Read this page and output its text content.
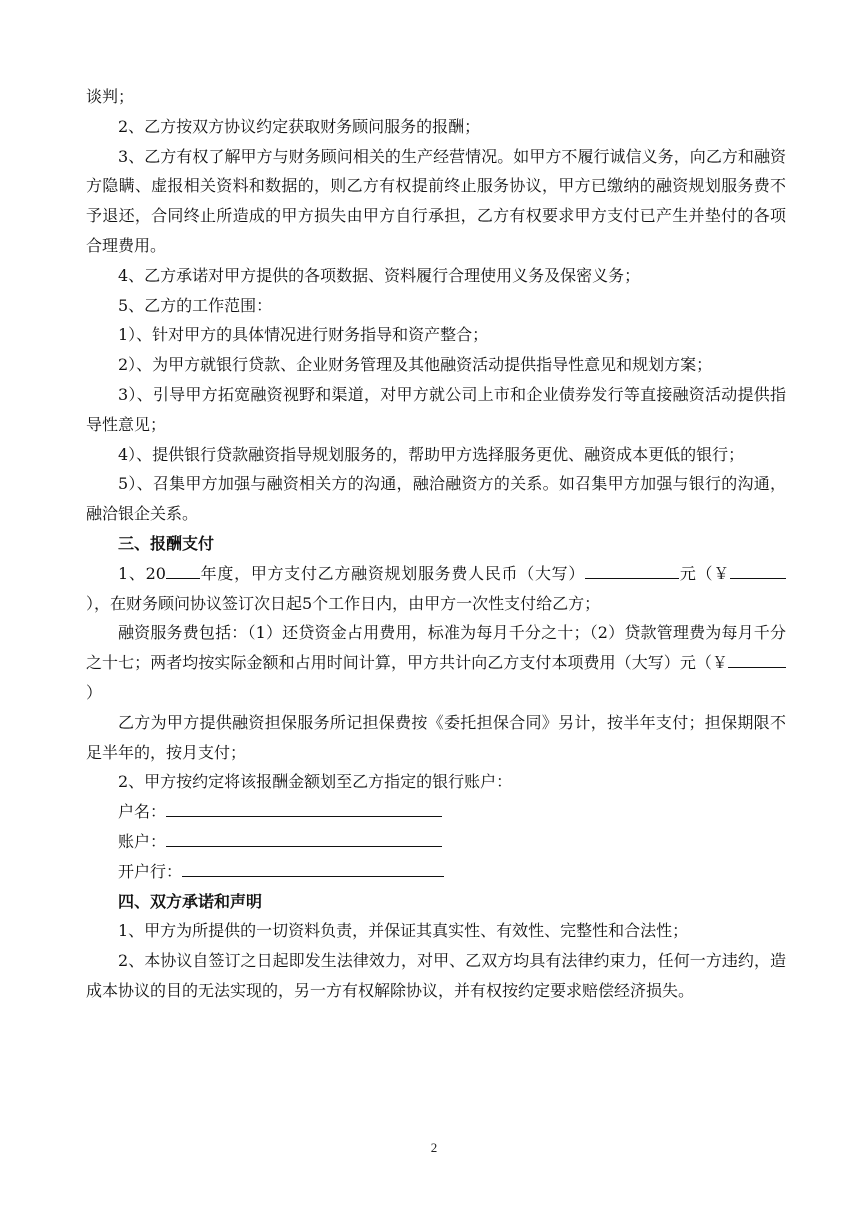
谈判；

2、乙方按双方协议约定获取财务顾问服务的报酬；

3、乙方有权了解甲方与财务顾问相关的生产经营情况。如甲方不履行诚信义务，向乙方和融资方隐瞒、虚报相关资料和数据的，则乙方有权提前终止服务协议，甲方已缴纳的融资规划服务费不予退还，合同终止所造成的甲方损失由甲方自行承担，乙方有权要求甲方支付已产生并垫付的各项合理费用。

4、乙方承诺对甲方提供的各项数据、资料履行合理使用义务及保密义务；

5、乙方的工作范围：

1）、针对甲方的具体情况进行财务指导和资产整合；

2）、为甲方就银行贷款、企业财务管理及其他融资活动提供指导性意见和规划方案；

3）、引导甲方拓宽融资视野和渠道，对甲方就公司上市和企业债券发行等直接融资活动提供指导性意见；

4）、提供银行贷款融资指导规划服务的，帮助甲方选择服务更优、融资成本更低的银行；

5）、召集甲方加强与融资相关方的沟通，融洽融资方的关系。如召集甲方加强与银行的沟通，融洽银企关系。

三、报酬支付

1、20 年度，甲方支付乙方融资规划服务费人民币（大写）	元（￥），在财务顾问协议签订次日起5个工作日内，由甲方一次性支付给乙方；

融资服务费包括：（1）还贷资金占用费用，标准为每月千分之十；（2）贷款管理费为每月千分之十七；两者均按实际金额和占用时间计算，甲方共计向乙方支付本项费用（大写）元（￥）

乙方为甲方提供融资担保服务所记担保费按《委托担保合同》另计，按半年支付；担保期限不足半年的，按月支付；

2、甲方按约定将该报酬金额划至乙方指定的银行账户：

户名：

账户：

开户行：

四、双方承诺和声明

1、甲方为所提供的一切资料负责，并保证其真实性、有效性、完整性和合法性；

2、本协议自签订之日起即发生法律效力，对甲、乙双方均具有法律约束力，任何一方违约，造成本协议的目的无法实现的，另一方有权解除协议，并有权按约定要求赔偿经济损失。

2
